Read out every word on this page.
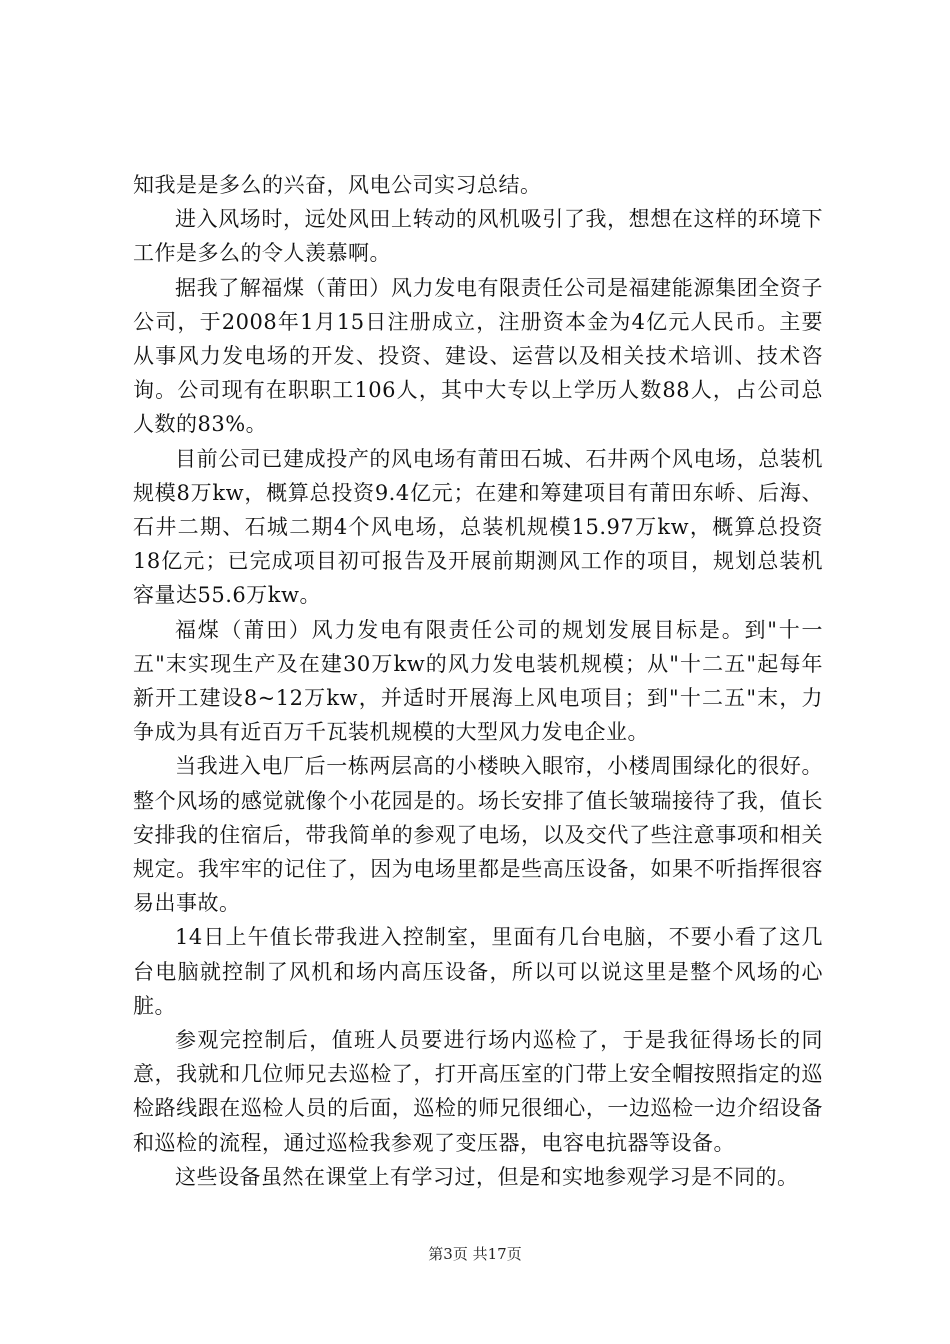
知我是是多么的兴奋，风电公司实习总结。

进入风场时，远处风田上转动的风机吸引了我，想想在这样的环境下工作是多么的令人羡慕啊。

据我了解福煤（莆田）风力发电有限责任公司是福建能源集团全资子公司，于2008年1月15日注册成立，注册资本金为4亿元人民币。主要从事风力发电场的开发、投资、建设、运营以及相关技术培训、技术咨询。公司现有在职职工106人，其中大专以上学历人数88人，占公司总人数的83%。

目前公司已建成投产的风电场有莆田石城、石井两个风电场，总装机规模8万kw，概算总投资9.4亿元；在建和筹建项目有莆田东峤、后海、石井二期、石城二期4个风电场，总装机规模15.97万kw，概算总投资18亿元；已完成项目初可报告及开展前期测风工作的项目，规划总装机容量达55.6万kw。

福煤（莆田）风力发电有限责任公司的规划发展目标是。到"十一五"末实现生产及在建30万kw的风力发电装机规模；从"十二五"起每年新开工建设8~12万kw，并适时开展海上风电项目；到"十二五"末，力争成为具有近百万千瓦装机规模的大型风力发电企业。

当我进入电厂后一栋两层高的小楼映入眼帘，小楼周围绿化的很好。整个风场的感觉就像个小花园是的。场长安排了值长皱瑞接待了我，值长安排我的住宿后，带我简单的参观了电场，以及交代了些注意事项和相关规定。我牢牢的记住了，因为电场里都是些高压设备，如果不听指挥很容易出事故。

14日上午值长带我进入控制室，里面有几台电脑，不要小看了这几台电脑就控制了风机和场内高压设备，所以可以说这里是整个风场的心脏。

参观完控制后，值班人员要进行场内巡检了，于是我征得场长的同意，我就和几位师兄去巡检了，打开高压室的门带上安全帽按照指定的巡检路线跟在巡检人员的后面，巡检的师兄很细心，一边巡检一边介绍设备和巡检的流程，通过巡检我参观了变压器，电容电抗器等设备。

这些设备虽然在课堂上有学习过，但是和实地参观学习是不同的。

第3页 共17页
